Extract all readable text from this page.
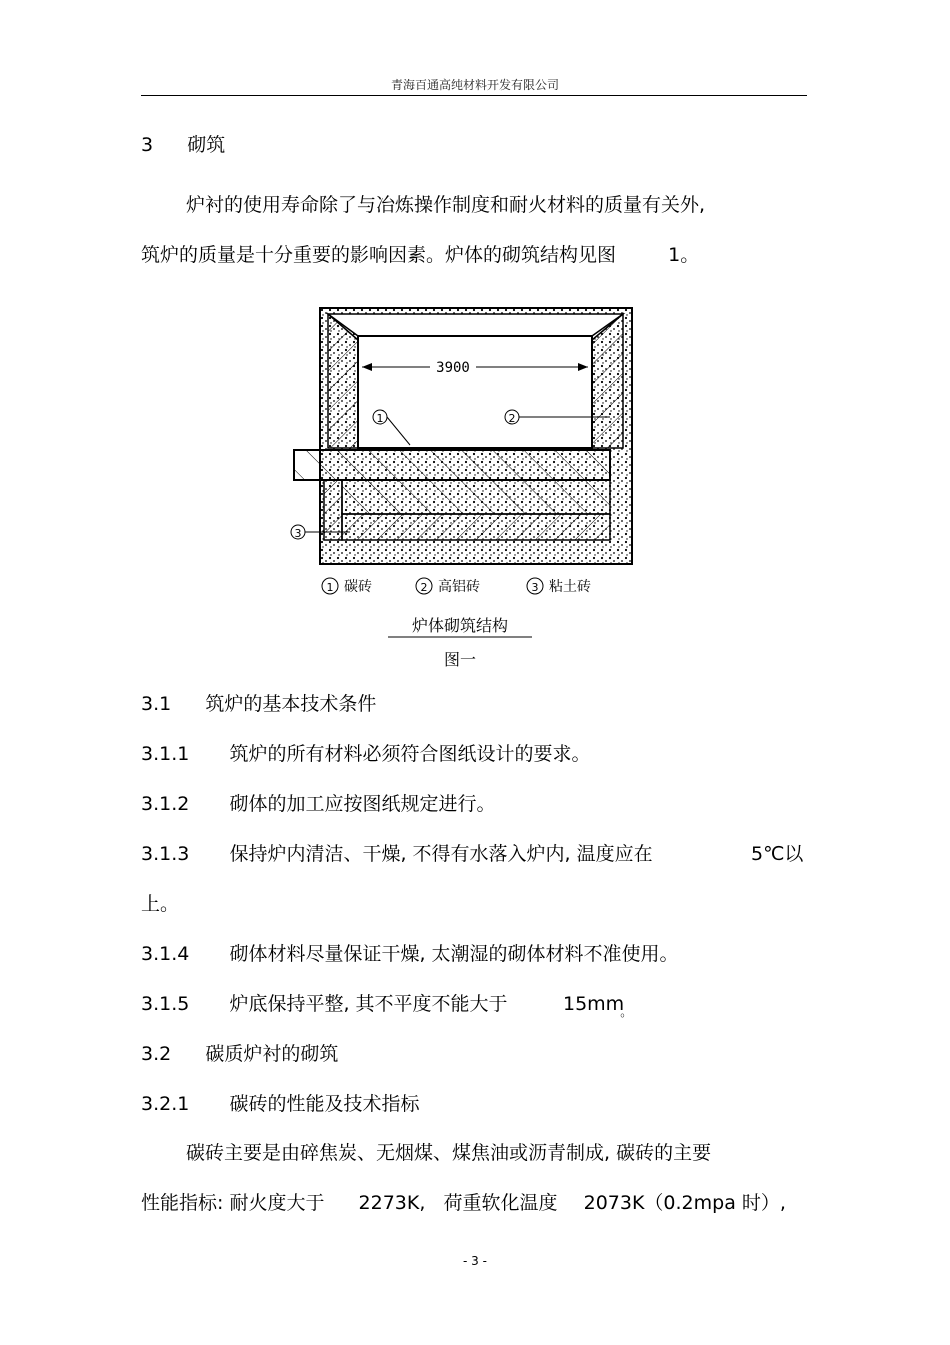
青海百通高纯材料开发有限公司
3 砌筑
炉衬的使用寿命除了与冶炼操作制度和耐火材料的质量有关外,
筑炉的质量是十分重要的影响因素。炉体的砌筑结构见图	1。
3900
1	2
3
1 碳砖	2 高铝砖	3 粘土砖
炉体砌筑结构
图一
3.1 筑炉的基本技术条件
3.1.1 筑炉的所有材料必须符合图纸设计的要求。
3.1.2 砌体的加工应按图纸规定进行。
3.1.3 保持炉内清洁、干燥, 不得有水落入炉内, 温度应在	5℃以
上。
3.1.4 砌体材料尽量保证干燥, 太潮湿的砌体材料不准使用。
3.1.5 炉底保持平整, 其不平度不能大于	$15mm_。$
3.2 碳质炉衬的砌筑
3.2.1 碳砖的性能及技术指标
碳砖主要是由碎焦炭、无烟煤、煤焦油或沥青制成, 碳砖的主要
性能指标: 耐火度大于 2273K, 荷重软化温度 2073K（0.2mpa 时）,
- 3 -
